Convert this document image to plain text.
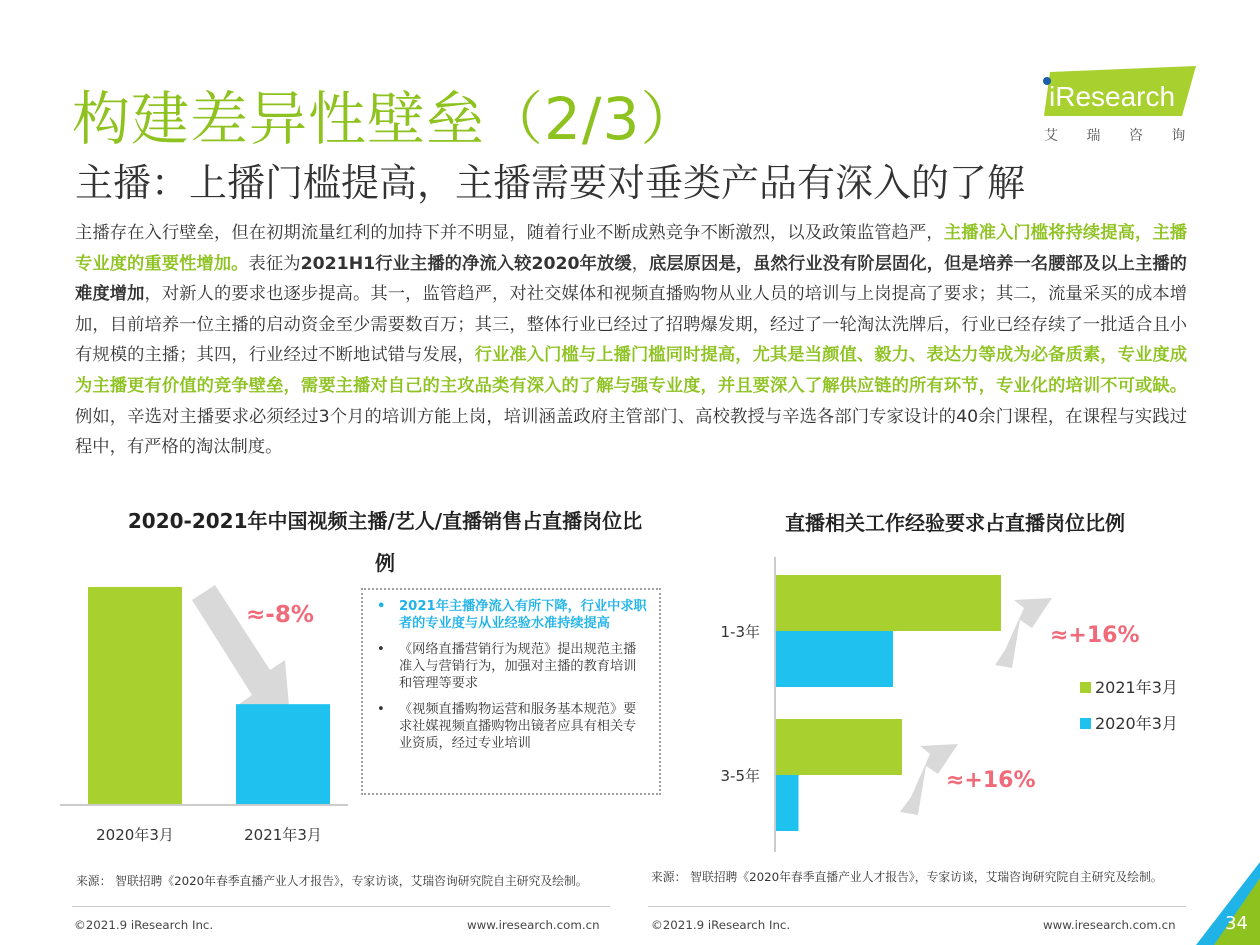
构建差异性壁垒（2/3）
主播：上播门槛提高，主播需要对垂类产品有深入的了解
iResearch
艾 瑞 咨 询

主播存在入行壁垒，但在初期流量红利的加持下并不明显，随着行业不断成熟竞争不断激烈，以及政策监管趋严，主播准入门槛将持续提高，主播专业度的重要性增加。表征为2021H1行业主播的净流入较2020年放缓，底层原因是，虽然行业没有阶层固化，但是培养一名腰部及以上主播的难度增加，对新人的要求也逐步提高。其一，监管趋严，对社交媒体和视频直播购物从业人员的培训与上岗提高了要求；其二，流量采买的成本增加，目前培养一位主播的启动资金至少需要数百万；其三，整体行业已经过了招聘爆发期，经过了一轮淘汰洗牌后，行业已经存续了一批适合且小有规模的主播；其四，行业经过不断地试错与发展，行业准入门槛与上播门槛同时提高，尤其是当颜值、毅力、表达力等成为必备质素，专业度成为主播更有价值的竞争壁垒，需要主播对自己的主攻品类有深入的了解与强专业度，并且要深入了解供应链的所有环节，专业化的培训不可或缺。例如，辛选对主播要求必须经过3个月的培训方能上岗，培训涵盖政府主管部门、高校教授与辛选各部门专家设计的40余门课程，在课程与实践过程中，有严格的淘汰制度。

2020-2021年中国视频主播/艺人/直播销售占直播岗位比例
直播相关工作经验要求占直播岗位比例
2020年3月	2021年3月
≈-8%
1-3年
3-5年
≈+16%
≈+16%
2021年3月
2020年3月
• 2021年主播净流入有所下降，行业中求职者的专业度与从业经验水准持续提高
• 《网络直播营销行为规范》提出规范主播准入与营销行为，加强对主播的教育培训和管理等要求
• 《视频直播购物运营和服务基本规范》要求社媒视频直播购物出镜者应具有相关专业资质，经过专业培训

来源： 智联招聘《2020年春季直播产业人才报告》，专家访谈，艾瑞咨询研究院自主研究及绘制。	来源： 智联招聘《2020年春季直播产业人才报告》，专家访谈，艾瑞咨询研究院自主研究及绘制。

©2021.9 iResearch Inc.	www.iresearch.com.cn	©2021.9 iResearch Inc.	www.iresearch.com.cn	34
